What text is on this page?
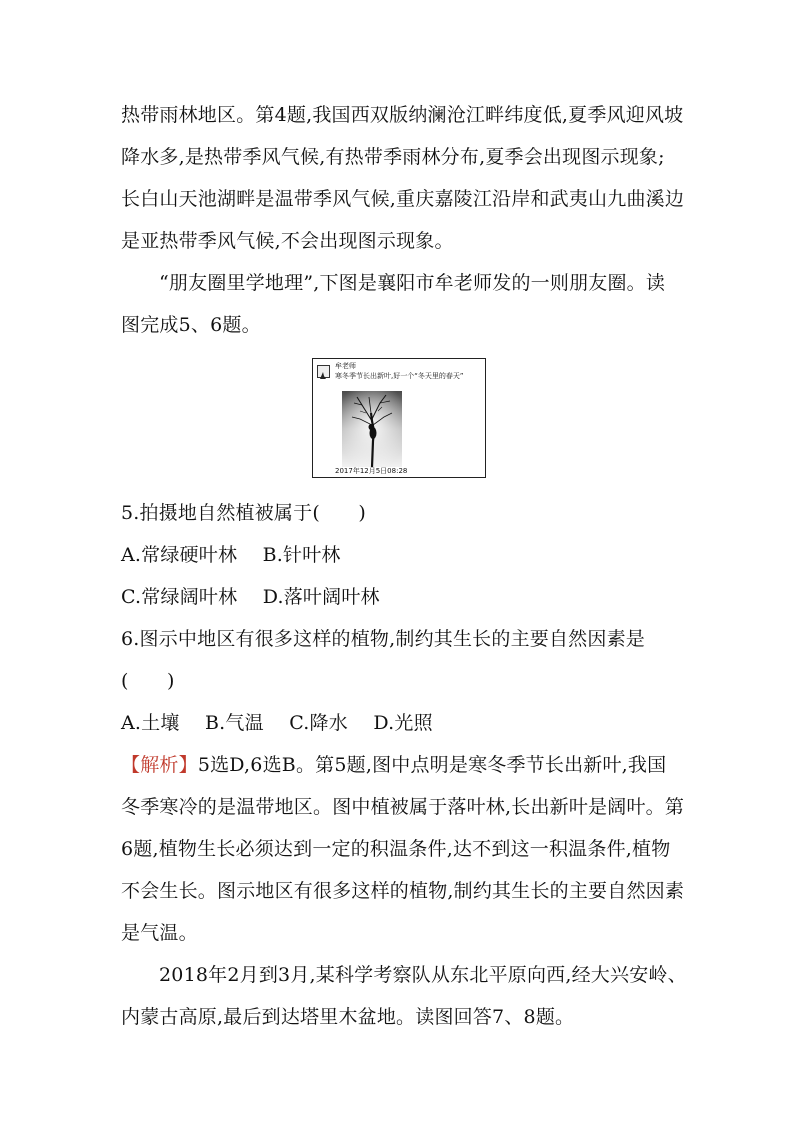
热带雨林地区。第4题,我国西双版纳澜沧江畔纬度低,夏季风迎风坡
降水多,是热带季风气候,有热带季雨林分布,夏季会出现图示现象;
长白山天池湖畔是温带季风气候,重庆嘉陵江沿岸和武夷山九曲溪边
是亚热带季风气候,不会出现图示现象。
“朋友圈里学地理”,下图是襄阳市牟老师发的一则朋友圈。读
图完成5、6题。
牟老师
寒冬季节长出新叶,好一个“冬天里的春天”
2017年12月5日08:28
5.拍摄地自然植被属于(　　)
A.常绿硬叶林　 B.针叶林
C.常绿阔叶林　 D.落叶阔叶林
6.图示中地区有很多这样的植物,制约其生长的主要自然因素是
(　　)
A.土壤　 B.气温　 C.降水　 D.光照
【解析】5选D,6选B。第5题,图中点明是寒冬季节长出新叶,我国
冬季寒冷的是温带地区。图中植被属于落叶林,长出新叶是阔叶。第
6题,植物生长必须达到一定的积温条件,达不到这一积温条件,植物
不会生长。图示地区有很多这样的植物,制约其生长的主要自然因素
是气温。
2018年2月到3月,某科学考察队从东北平原向西,经大兴安岭、
内蒙古高原,最后到达塔里木盆地。读图回答7、8题。
